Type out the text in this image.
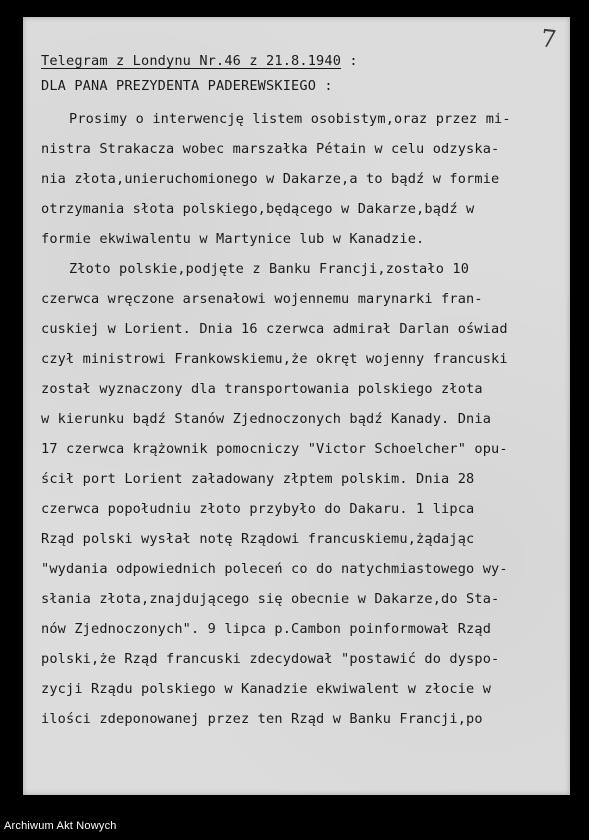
7
Telegram z Londynu Nr.46 z 21.8.1940 :
DLA PANA PREZYDENTA PADEREWSKIEGO :
Prosimy o interwencję listem osobistym,oraz przez mi-
nistra Strakacza wobec marszałka Pétain w celu odzyska-
nia złota,unieruchomionego w Dakarze,a to bądź w formie
otrzymania słota polskiego,będącego w Dakarze,bądź w
formie ekwiwalentu w Martynice lub w Kanadzie.
Złoto polskie,podjęte z Banku Francji,zostało 10
czerwca wręczone arsenałowi wojennemu marynarki fran-
cuskiej w Lorient. Dnia 16 czerwca admirał Darlan oświad
czył ministrowi Frankowskiemu,że okręt wojenny francuski
został wyznaczony dla transportowania polskiego złota
w kierunku bądź Stanów Zjednoczonych bądź Kanady. Dnia
17 czerwca krążownik pomocniczy "Victor Schoelcher" opu-
ścił port Lorient załadowany złptem polskim. Dnia 28
czerwca popołudniu złoto przybyło do Dakaru. 1 lipca
Rząd polski wysłał notę Rządowi francuskiemu,żądając
"wydania odpowiednich poleceń co do natychmiastowego wy-
słania złota,znajdującego się obecnie w Dakarze,do Sta-
nów Zjednoczonych". 9 lipca p.Cambon poinformował Rząd
polski,że Rząd francuski zdecydował "postawić do dyspo-
zycji Rządu polskiego w Kanadzie ekwiwalent w złocie w
ilości zdeponowanej przez ten Rząd w Banku Francji,po
Archiwum Akt Nowych
